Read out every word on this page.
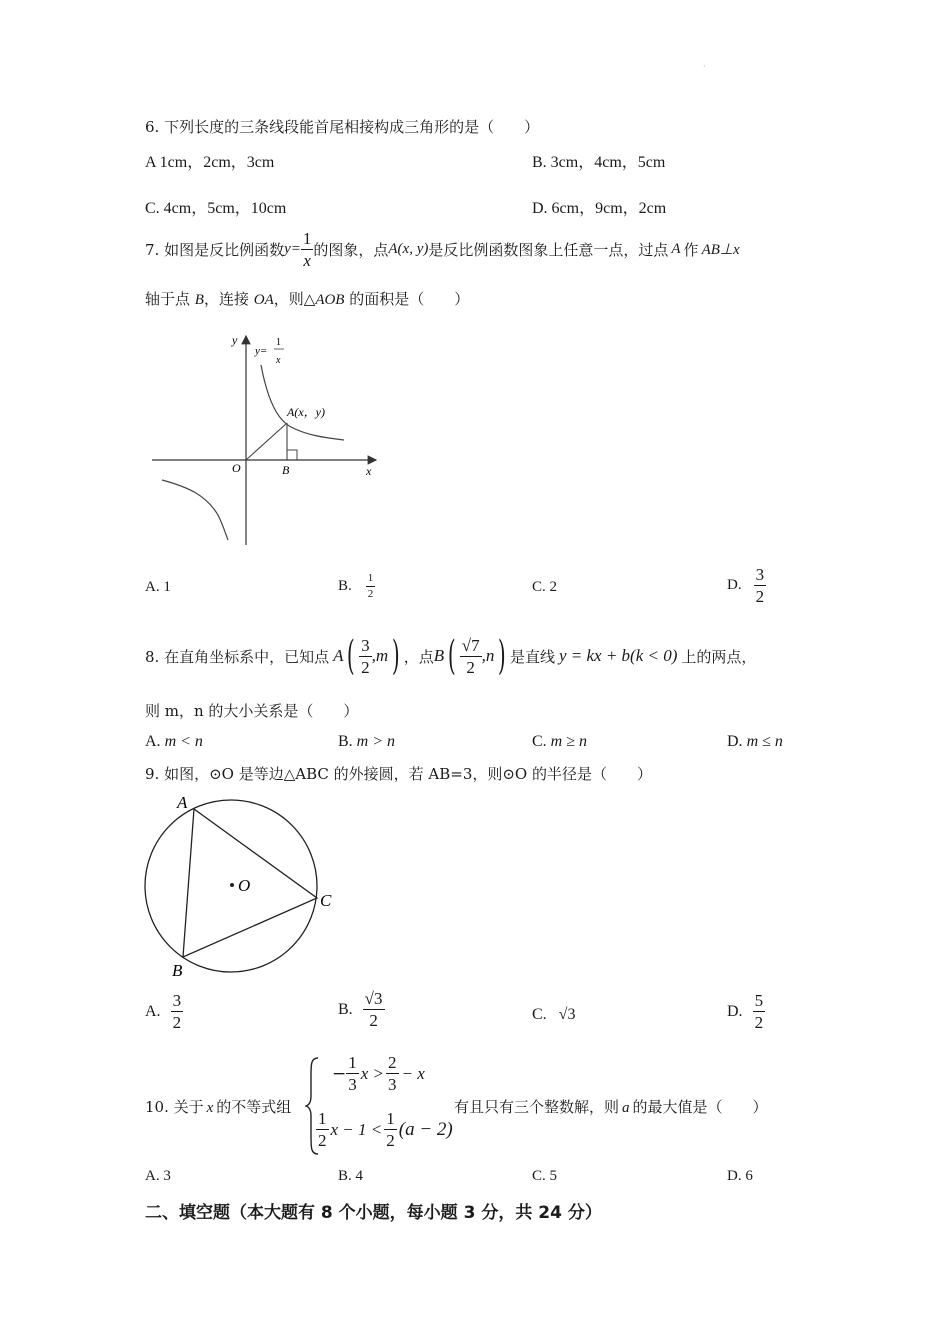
·
6. 下列长度的三条线段能首尾相接构成三角形的是（　　）
A 1cm，2cm，3cm	B. 3cm，4cm，5cm
C. 4cm，5cm，10cm	D. 6cm，9cm，2cm
7. 如图是反比例函数 $y= \frac{1}{x}$ 的图象，点 A(x, y) 是反比例函数图象上任意一点，过点 A 作 AB⊥x
轴于点 B，连接 OA，则△AOB 的面积是（　　）
y
x
O	B
y=
1
x
A(x，y)
A. 1	B. $\frac{1}{2}$	C. 2	D. $\frac{3}{2}$
8. 在直角坐标系中，已知点 A ( $\frac{3}{2} ,m$ ) ，点 B ( $\frac{√7}{2} ,n$ ) 是直线 y = kx + b(k < 0) 上的两点，
则 m，n 的大小关系是（　　）
A. m < n	B. m > n	C. m ≥ n	D. m ≤ n
9. 如图，⊙O 是等边△ABC 的外接圆，若 AB=3，则⊙O 的半径是（　　）
A
B
C
O
A. $\frac{3}{2}$	B. $\frac{√3}{2}$	C. √3	D. $\frac{5}{2}$
10. 关于 x 的不等式组
− $\frac{1}{3}$ $x > \frac{2}{3} - x$
$\frac{1}{2}$ $x - 1 < \frac{1}{2} (a - 2)$
有且只有三个整数解，则 a 的最大值是（　　）
A. 3	B. 4	C. 5	D. 6
二、填空题（本大题有 8 个小题，每小题 3 分，共 24 分）
